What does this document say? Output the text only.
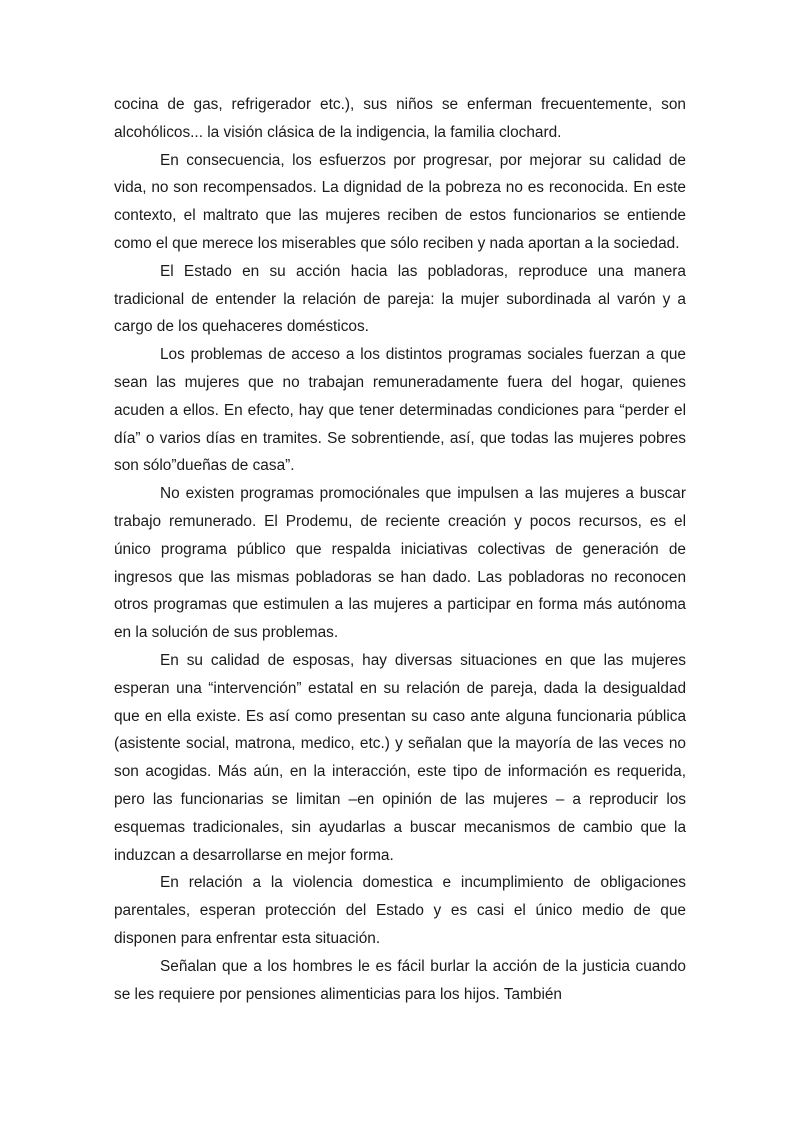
cocina de gas, refrigerador etc.), sus niños se enferman frecuentemente, son alcohólicos... la visión clásica de la indigencia, la familia clochard.

En consecuencia, los esfuerzos por progresar, por mejorar su calidad de vida, no son recompensados. La dignidad de la pobreza no es reconocida. En este contexto, el maltrato que las mujeres reciben de estos funcionarios se entiende como el que merece los miserables que sólo reciben y nada aportan a la sociedad.

El Estado en su acción hacia las pobladoras, reproduce una manera tradicional de entender la relación de pareja: la mujer subordinada al varón y a cargo de los quehaceres domésticos.

Los problemas de acceso a los distintos programas sociales fuerzan a que sean las mujeres que no trabajan remuneradamente fuera del hogar, quienes acuden a ellos. En efecto, hay que tener determinadas condiciones para “perder el día” o varios días en tramites. Se sobrentiende, así, que todas las mujeres pobres son sólo”dueñas de casa”.

No existen programas promociónales que impulsen a las mujeres a buscar trabajo remunerado. El Prodemu, de reciente creación y pocos recursos, es el único programa público que respalda iniciativas colectivas de generación de ingresos que las mismas pobladoras se han dado. Las pobladoras no reconocen otros programas que estimulen a las mujeres a participar en forma más autónoma en la solución de sus problemas.

En su calidad de esposas, hay diversas situaciones en que las mujeres esperan una “intervención” estatal en su relación de pareja, dada la desigualdad que en ella existe. Es así como presentan su caso ante alguna funcionaria pública (asistente social, matrona, medico, etc.) y señalan que la mayoría de las veces no son acogidas. Más aún, en la interacción, este tipo de información es requerida, pero las funcionarias se limitan –en opinión de las mujeres – a reproducir los esquemas tradicionales, sin ayudarlas a buscar mecanismos de cambio que la induzcan a desarrollarse en mejor forma.

En relación a la violencia domestica e incumplimiento de obligaciones parentales, esperan protección del Estado y es casi el único medio de que disponen para enfrentar esta situación.

Señalan que a los hombres le es fácil burlar la acción de la justicia cuando se les requiere por pensiones alimenticias para los hijos. También
